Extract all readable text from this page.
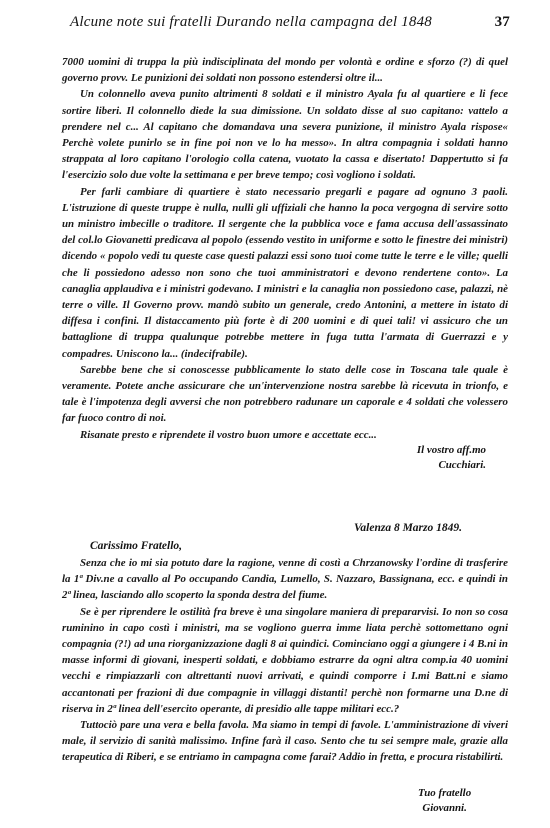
Alcune note sui fratelli Durando nella campagna del 1848	37

7000 uomini di truppa la più indisciplinata del mondo per volontà e ordine e sforzo (?) di quel governo provv. Le punizioni dei soldati non possono estendersi oltre il...

Un colonnello aveva punito altrimenti 8 soldati e il ministro Ayala fu al quartiere e li fece sortire liberi. Il colonnello diede la sua dimissione. Un soldato disse al suo capitano: vattelo a prendere nel c... Al capitano che domandava una severa punizione, il ministro Ayala rispose« Perchè volete punirlo se in fine poi non ve lo ha messo». In altra compagnia i soldati hanno strappata al loro capitano l'orologio colla catena, vuotato la cassa e disertato! Dappertutto si fa l'esercizio solo due volte la settimana e per breve tempo; così vogliono i soldati.

Per farli cambiare di quartiere è stato necessario pregarli e pagare ad ognuno 3 paoli. L'istruzione di queste truppe è nulla, nulli gli uffiziali che hanno la poca vergogna di servire sotto un ministro imbecille o traditore. Il sergente che la pubblica voce e fama accusa dell'assassinato del col.lo Giovanetti predicava al popolo (essendo vestito in uniforme e sotto le finestre dei ministri) dicendo « popolo vedi tu queste case questi palazzi essi sono tuoi come tutte le terre e le ville; quelli che li possiedono adesso non sono che tuoi amministratori e devono rendertene conto». La canaglia applaudiva e i ministri godevano. I ministri e la canaglia non possiedono case, palazzi, nè terre o ville. Il Governo provv. mandò subito un generale, credo Antonini, a mettere in istato di diffesa i confini. Il distaccamento più forte è di 200 uomini e di quei tali! vi assicuro che un battaglione di truppa qualunque potrebbe mettere in fuga tutta l'armata di Guerrazzi e y compadres. Uniscono la... (indecifrabile).

Sarebbe bene che si conoscesse pubblicamente lo stato delle cose in Toscana tale quale è veramente. Potete anche assicurare che un'intervenzione nostra sarebbe là ricevuta in trionfo, e tale è l'impotenza degli avversi che non potrebbero radunare un caporale e 4 soldati che volessero far fuoco contro di noi.

Risanate presto e riprendete il vostro buon umore e accettate ecc...

Il vostro aff.mo
Cucchiari.
Valenza 8 Marzo 1849.
Carissimo Fratello,

Senza che io mi sia potuto dare la ragione, venne di costì a Chrzanowsky l'ordine di trasferire la 1ª Div.ne a cavallo al Po occupando Candia, Lumello, S. Nazzaro, Bassignana, ecc. e quindi in 2ª linea, lasciando allo scoperto la sponda destra del fiume.

Se è per riprendere le ostilità fra breve è una singolare maniera di prepararvisi. Io non so cosa ruminino in capo costì i ministri, ma se vogliono guerra imme liata perchè sottomettano ogni compagnia (?!) ad una riorganizzazione dagli 8 ai quindici. Cominciano oggi a giungere i 4 B.ni in masse informi di giovani, inesperti soldati, e dobbiamo estrarre da ogni altra comp.ia 40 uomini vecchi e rimpiazzarli con altrettanti nuovi arrivati, e quindi comporre i I.mi Batt.ni e siamo accantonati per frazioni di due compagnie in villaggi distanti! perchè non formarne una D.ne di riserva in 2ª linea dell'esercito operante, di presidio alle tappe militari ecc.?

Tuttociò pare una vera e bella favola. Ma siamo in tempi di favole. L'amministrazione di viveri male, il servizio di sanità malissimo. Infine farà il caso. Sento che tu sei sempre male, grazie alla terapeutica di Riberi, e se entriamo in campagna come farai? Addio in fretta, e procura ristabilirti.

Tuo fratello
Giovanni.
